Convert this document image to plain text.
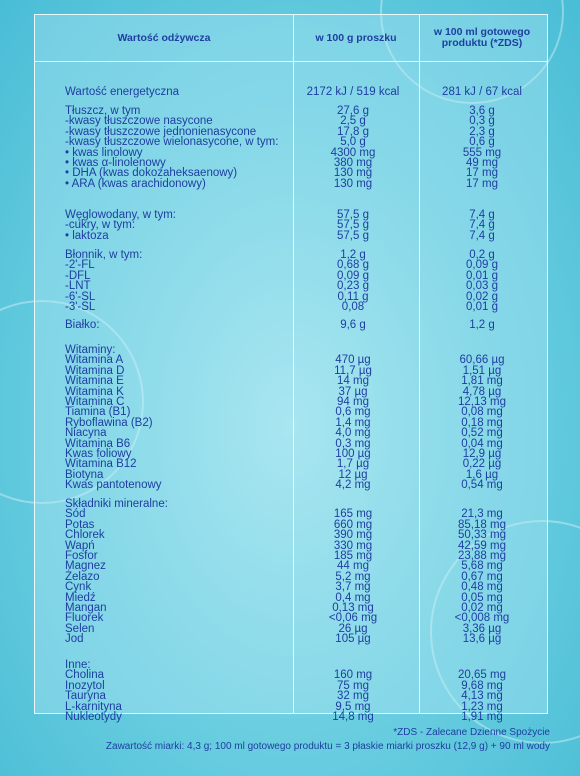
Wartość odżywcza	w 100 g proszku	w 100 ml gotowego produktu (*ZDS)
Wartość energetyczna	2172 kJ / 519 kcal	281 kJ / 67 kcal
Tłuszcz, w tym	27,6 g	3,6 g
-kwasy tłuszczowe nasycone	2,5 g	0,3 g
-kwasy tłuszczowe jednonienasycone	17,8 g	2,3 g
-kwasy tłuszczowe wielonasycone, w tym:	5,0 g	0,6 g
• kwas linolowy	4300 mg	555 mg
• kwas α-linolenowy	380 mg	49 mg
• DHA (kwas dokozaheksaenowy)	130 mg	17 mg
• ARA (kwas arachidonowy)	130 mg	17 mg
Węglowodany, w tym:	57,5 g	7,4 g
-cukry, w tym:	57,5 g	7,4 g
• laktoza	57,5 g	7,4 g
Błonnik, w tym:	1,2 g	0,2 g
-2'-FL	0,68 g	0,09 g
-DFL	0,09 g	0,01 g
-LNT	0,23 g	0,03 g
-6'-SL	0,11 g	0,02 g
-3'-SL	0,08	0,01 g
Białko:	9,6 g	1,2 g
Witaminy:
Witamina A	470 µg	60,66 µg
Witamina D	11,7 µg	1,51 µg
Witamina E	14 mg	1,81 mg
Witamina K	37 µg	4,78 µg
Witamina C	94 mg	12,13 mg
Tiamina (B1)	0,6 mg	0,08 mg
Ryboflawina (B2)	1,4 mg	0,18 mg
Niacyna	4,0 mg	0,52 mg
Witamina B6	0,3 mg	0,04 mg
Kwas foliowy	100 µg	12,9 µg
Witamina B12	1,7 µg	0,22 µg
Biotyna	12 µg	1,6 µg
Kwas pantotenowy	4,2 mg	0,54 mg
Składniki mineralne:
Sód	165 mg	21,3 mg
Potas	660 mg	85,18 mg
Chlorek	390 mg	50,33 mg
Wapń	330 mg	42,59 mg
Fosfor	185 mg	23,88 mg
Magnez	44 mg	5,68 mg
Żelazo	5,2 mg	0,67 mg
Cynk	3,7 mg	0,48 mg
Miedź	0,4 mg	0,05 mg
Mangan	0,13 mg	0,02 mg
Fluorek	<0,06 mg	<0,008 mg
Selen	26 µg	3,36 µg
Jod	105 µg	13,6 µg
Inne:
Cholina	160 mg	20,65 mg
Inozytol	75 mg	9,68 mg
Tauryna	32 mg	4,13 mg
L-karnityna	9,5 mg	1,23 mg
Nukleotydy	14,8 mg	1,91 mg
*ZDS - Zalecane Dzienne Spożycie
Zawartość miarki: 4,3 g; 100 ml gotowego produktu = 3 płaskie miarki proszku (12,9 g) + 90 ml wody
